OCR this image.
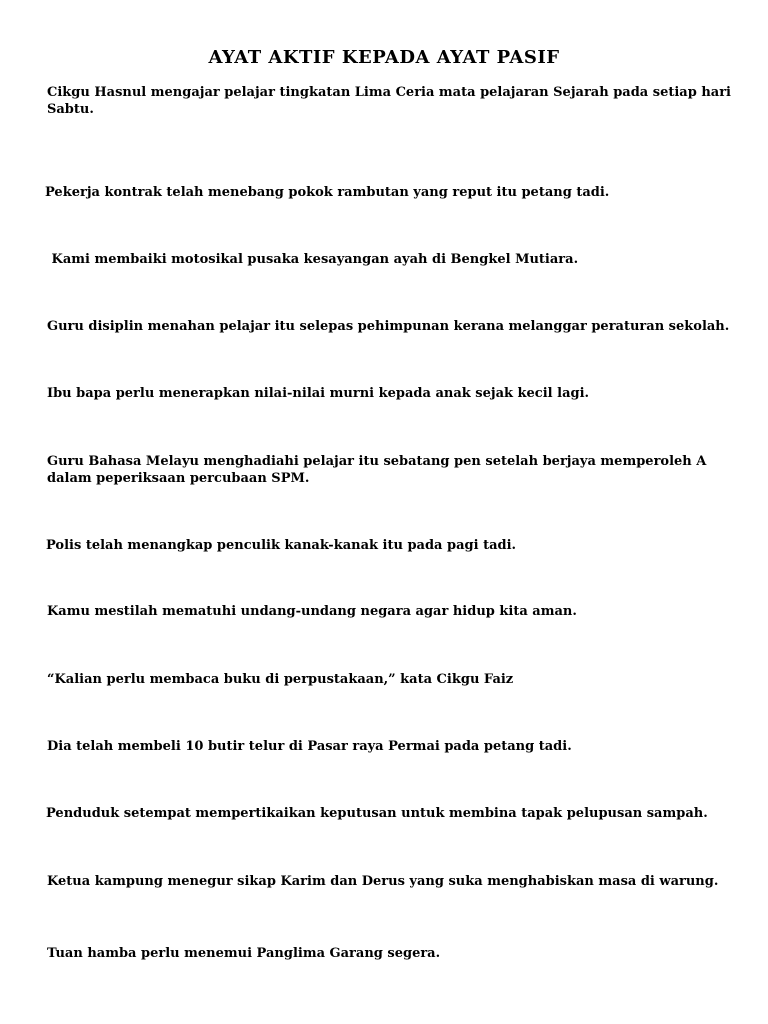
AYAT AKTIF KEPADA AYAT PASIF
Cikgu Hasnul mengajar pelajar tingkatan Lima Ceria mata pelajaran Sejarah pada setiap hari Sabtu.
Pekerja kontrak telah menebang pokok rambutan yang reput itu petang tadi.
Kami membaiki motosikal pusaka kesayangan ayah di Bengkel Mutiara.
Guru disiplin menahan pelajar itu selepas pehimpunan kerana melanggar peraturan sekolah.
Ibu bapa perlu menerapkan nilai-nilai murni kepada anak sejak kecil lagi.
Guru Bahasa Melayu menghadiahi pelajar itu sebatang pen setelah berjaya memperoleh A dalam peperiksaan percubaan SPM.
Polis telah menangkap penculik kanak-kanak itu pada pagi tadi.
Kamu mestilah mematuhi undang-undang negara agar hidup kita aman.
“Kalian perlu membaca buku di perpustakaan,” kata Cikgu Faiz
Dia telah membeli 10 butir telur di Pasar raya Permai pada petang tadi.
Penduduk setempat mempertikaikan keputusan untuk membina tapak pelupusan sampah.
Ketua kampung menegur sikap Karim dan Derus yang suka menghabiskan masa di warung.
Tuan hamba perlu menemui Panglima Garang segera.
